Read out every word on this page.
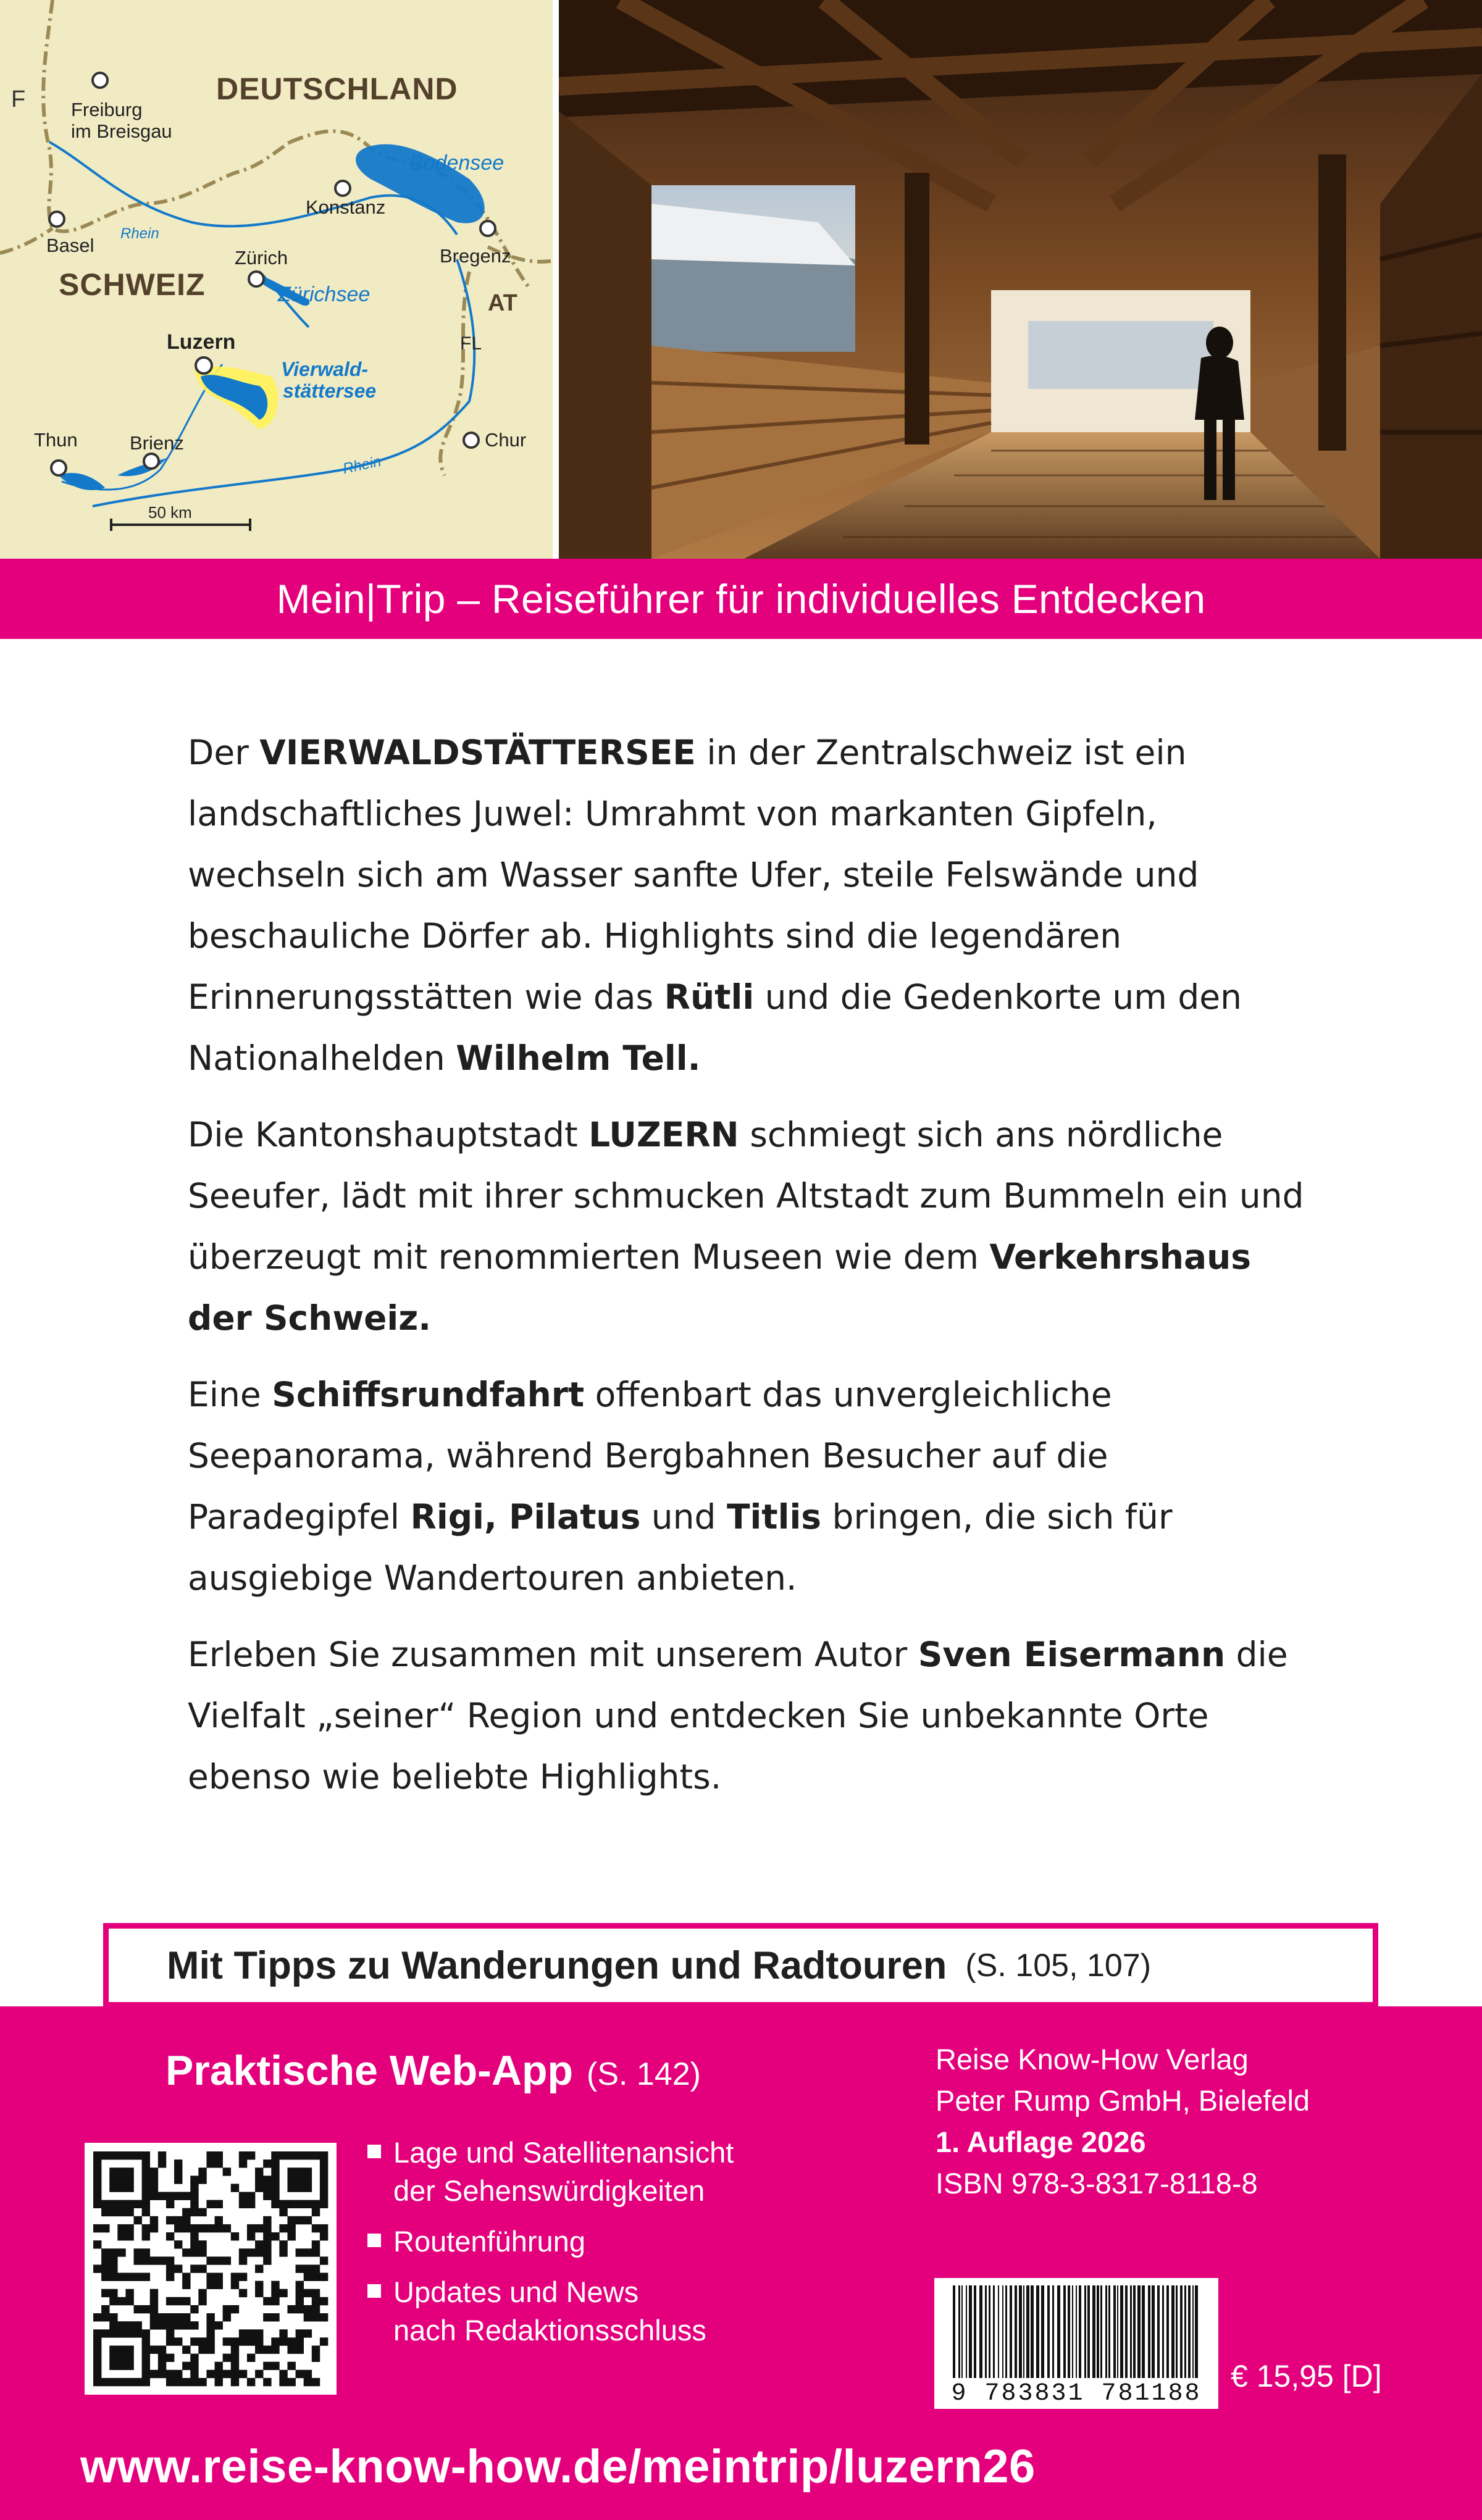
F	DEUTSCHLAND
SCHWEIZ
AT
FL
Freiburg
im Breisgau
Basel
Konstanz
Bregenz
Zürich
Luzern
Thun	Brienz	Chur
Bodensee
Zürichsee
Vierwald-
stättersee
Rhein
Rhein
50 km
Mein|Trip – Reiseführer für individuelles Entdecken

Der VIERWALDSTÄTTERSEE in der Zentralschweiz ist ein landschaftliches Juwel: Umrahmt von markanten Gipfeln, wechseln sich am Wasser sanfte Ufer, steile Felswände und beschauliche Dörfer ab. Highlights sind die legendären Erinnerungsstätten wie das Rütli und die Gedenkorte um den Nationalhelden Wilhelm Tell.

Die Kantonshauptstadt LUZERN schmiegt sich ans nördliche Seeufer, lädt mit ihrer schmucken Altstadt zum Bummeln ein und überzeugt mit renommierten Museen wie dem Verkehrshaus der Schweiz.

Eine Schiffsrundfahrt offenbart das unvergleichliche Seepanorama, während Bergbahnen Besucher auf die Paradegipfel Rigi, Pilatus und Titlis bringen, die sich für ausgiebige Wandertouren anbieten.

Erleben Sie zusammen mit unserem Autor Sven Eisermann die Vielfalt „seiner“ Region und entdecken Sie unbekannte Orte ebenso wie beliebte Highlights.

Mit Tipps zu Wanderungen und Radtouren (S. 105, 107)
Praktische Web-App (S. 142)
Lage und Satellitenansicht
der Sehenswürdigkeiten
Routenführung
Updates und News
nach Redaktionsschluss
Reise Know-How Verlag
Peter Rump GmbH, Bielefeld
1. Auflage 2026
ISBN 978-3-8317-8118-8
9 783831 781188
€ 15,95 [D]
www.reise-know-how.de/meintrip/luzern26
